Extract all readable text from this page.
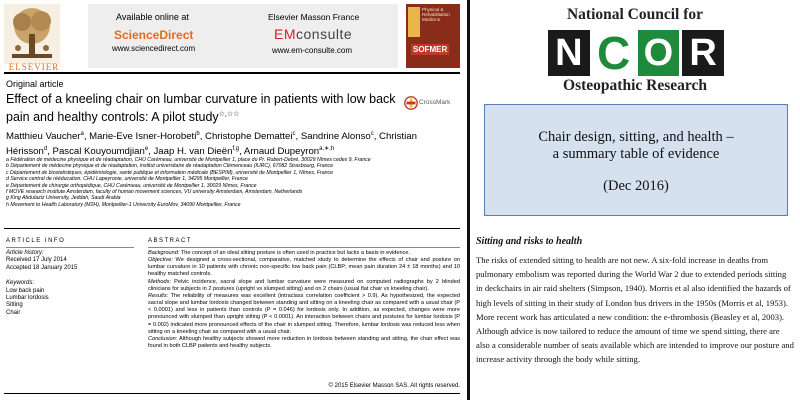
ELSEVIER
Available online at
ScienceDirect
www.sciencedirect.com
Elsevier Masson France
EMconsulte
www.em-consulte.com
Physical &
Rehabilitation
Medicine
SOFMER
Original article
Effect of a kneeling chair on lumbar curvature in patients with low back pain and healthy controls: A pilot study☆,☆☆
CrossMark
Matthieu Vaucher$^a$, Marie-Eve Isner-Horobeti$^b$, Christophe Demattei$^c$, Sandrine Alonso$^c$, Christian Hérisson$^d$, Pascal Kouyoumdjian$^e$, Jaap H. van Dieën$^{f,g}$, Arnaud Dupeyron$^{a,∗,h}$
a Fédération de médecine physique et de réadaptation, CHU Carémeau, université de Montpellier 1, place du Pr. Robert-Debré, 30029 Nîmes cedex 9, France
b Département de médecine physique et de réadaptation, institut universitaire de réadaptation Clémenceau (IURC), 67082 Strasbourg, France
c Département de biostatistiques, épidémiologie, santé publique et information médicale (BESPIM), université de Montpellier 1, Nîmes, France
d Service central de rééducation, CHU Lapeyronie, université de Montpellier 1, 34295 Montpellier, France
e Département de chirurgie orthopédique, CHU Carémeau, université de Montpellier 1, 30029 Nîmes, France
f MOVE research institute Amsterdam, faculty of human movement sciences, VU university Amsterdam, Amsterdam, Netherlands
g King Abdulaziz University, Jeddah, Saudi Arabia
h Movement to Health Laboratory (M2H), Montpellier-1 University EuroMov, 34090 Montpellier, France
ARTICLE INFO
Article history:
Received 17 July 2014
Accepted 18 January 2015
Keywords:
Low back pain
Lumbar lordosis
Sitting
Chair
ABSTRACT

Background: The concept of an ideal sitting posture is often used in practice but lacks a basis in evidence.

Objective: We designed a cross-sectional, comparative, matched study to determine the effects of chair and posture on lumbar curvature in 10 patients with chronic non-specific low back pain (CLBP; mean pain duration 24 ± 18 months) and 10 healthy matched controls.

Methods: Pelvic incidence, sacral slope and lumbar curvature were measured on computed radiographs by 2 blinded clinicians for subjects in 2 postures (upright vs slumped sitting) and on 2 chairs (usual flat chair vs kneeling chair).

Results: The reliability of measures was excellent (intraclass correlation coefficient > 0.9). As hypothesized, the expected sacral slope and lumbar lordosis changed between standing and sitting on a kneeling chair as compared with a usual chair (P < 0.0001) and less in patients than controls (P = 0.046) for lordosis only. In addition, as expected, changes were more pronounced with slumped than upright sitting (P < 0.0001). An interaction between chairs and postures for lumbar lordosis (P = 0.002) indicated more pronounced effects of the chair in slumped sitting. Therefore, lumbar lordosis was reduced less when sitting on a kneeling chair as compared with a usual chair.

Conclusion: Although healthy subjects showed more reduction in lordosis between standing and sitting, the chair effect was found in both CLBP patients and healthy subjects.

© 2015 Elsevier Masson SAS. All rights reserved.
National Council for
N C O R
Osteopathic Research
Chair design, sitting, and health –
a summary table of evidence
(Dec 2016)
Sitting and risks to health
The risks of extended sitting to health are not new. A six-fold increase in deaths from pulmonary embolism was reported during the World War 2 due to extended periods sitting in deckchairs in air raid shelters (Simpson, 1940). Morris et al also identified the hazards of high levels of sitting in their study of London bus drivers in the 1950s (Morris et al, 1953). More recent work has articulated a new condition: the e-thrombosis (Beasley et al, 2003). Although advice is now tailored to reduce the amount of time we spend sitting, there are also a considerable number of seats available which are intended to improve our posture and increase activity through the body while sitting.
